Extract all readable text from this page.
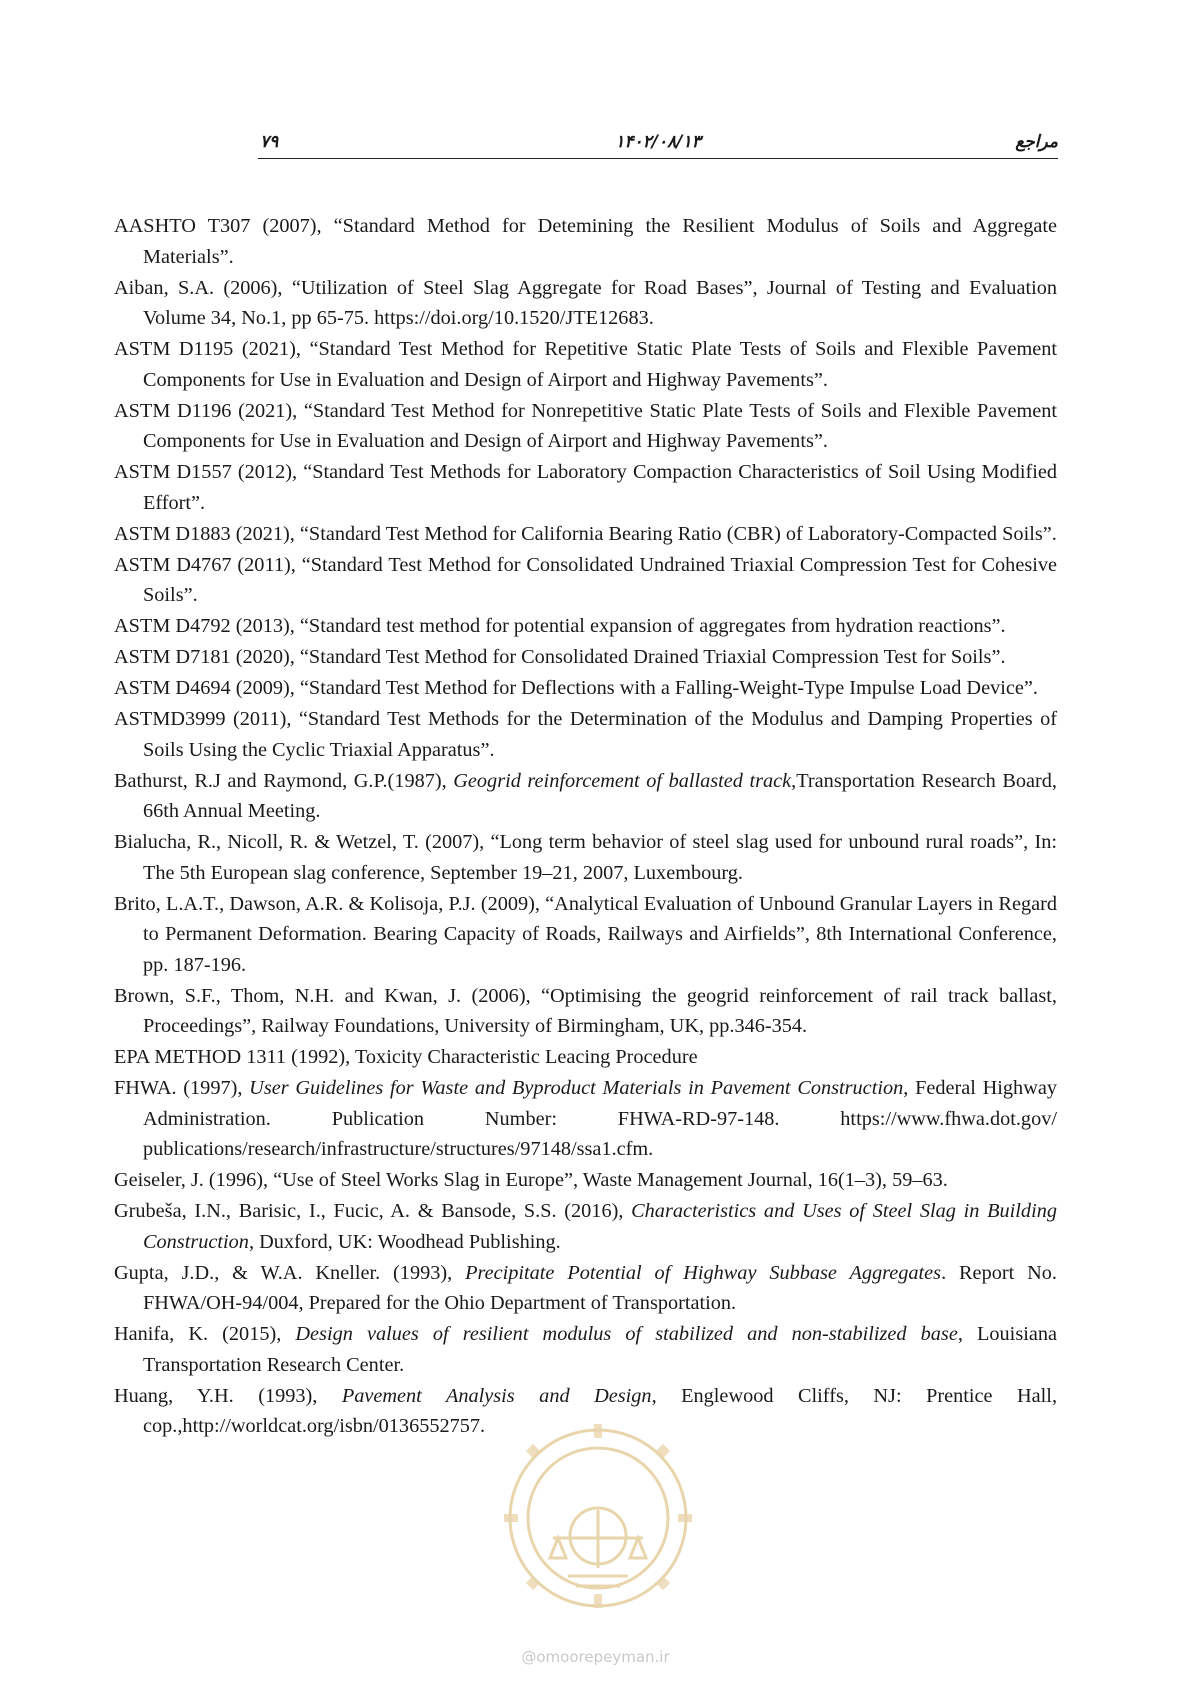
۷۹	۱۴۰۲/۰۸/۱۳	مراجع

AASHTO T307 (2007), “Standard Method for Detemining the Resilient Modulus of Soils and Aggregate Materials”.

Aiban, S.A. (2006), “Utilization of Steel Slag Aggregate for Road Bases”, Journal of Testing and Evaluation Volume 34, No.1, pp 65-75. https://doi.org/10.1520/JTE12683.

ASTM D1195 (2021), “Standard Test Method for Repetitive Static Plate Tests of Soils and Flexible Pavement Components for Use in Evaluation and Design of Airport and Highway Pavements”.

ASTM D1196 (2021), “Standard Test Method for Nonrepetitive Static Plate Tests of Soils and Flexible Pavement Components for Use in Evaluation and Design of Airport and Highway Pavements”.

ASTM D1557 (2012), “Standard Test Methods for Laboratory Compaction Characteristics of Soil Using Modified Effort”.

ASTM D1883 (2021), “Standard Test Method for California Bearing Ratio (CBR) of Laboratory-Compacted Soils”.

ASTM D4767 (2011), “Standard Test Method for Consolidated Undrained Triaxial Compression Test for Cohesive Soils”.

ASTM D4792 (2013), “Standard test method for potential expansion of aggregates from hydration reactions”.

ASTM D7181 (2020), “Standard Test Method for Consolidated Drained Triaxial Compression Test for Soils”.

ASTM D4694 (2009), “Standard Test Method for Deflections with a Falling-Weight-Type Impulse Load Device”.

ASTMD3999 (2011), “Standard Test Methods for the Determination of the Modulus and Damping Properties of Soils Using the Cyclic Triaxial Apparatus”.

Bathurst, R.J and Raymond, G.P.(1987), Geogrid reinforcement of ballasted track,Transportation Research Board, 66th Annual Meeting.

Bialucha, R., Nicoll, R. & Wetzel, T. (2007), “Long term behavior of steel slag used for unbound rural roads”, In: The 5th European slag conference, September 19–21, 2007, Luxembourg.

Brito, L.A.T., Dawson, A.R. & Kolisoja, P.J. (2009), “Analytical Evaluation of Unbound Granular Layers in Regard to Permanent Deformation. Bearing Capacity of Roads, Railways and Airfields”, 8th International Conference, pp. 187-196.

Brown, S.F., Thom, N.H. and Kwan, J. (2006), “Optimising the geogrid reinforcement of rail track ballast, Proceedings”, Railway Foundations, University of Birmingham, UK, pp.346-354.

EPA METHOD 1311 (1992), Toxicity Characteristic Leacing Procedure

FHWA. (1997), User Guidelines for Waste and Byproduct Materials in Pavement Construction, Federal Highway Administration. Publication Number: FHWA-RD-97-148. https://www.fhwa.dot.gov/ publications/research/infrastructure/structures/97148/ssa1.cfm.

Geiseler, J. (1996), “Use of Steel Works Slag in Europe”, Waste Management Journal, 16(1–3), 59–63.

Grubeša, I.N., Barisic, I., Fucic, A. & Bansode, S.S. (2016), Characteristics and Uses of Steel Slag in Building Construction, Duxford, UK: Woodhead Publishing.

Gupta, J.D., & W.A. Kneller. (1993), Precipitate Potential of Highway Subbase Aggregates. Report No. FHWA/OH-94/004, Prepared for the Ohio Department of Transportation.

Hanifa, K. (2015), Design values of resilient modulus of stabilized and non-stabilized base, Louisiana Transportation Research Center.

Huang, Y.H. (1993), Pavement Analysis and Design, Englewood Cliffs, NJ: Prentice Hall, cop.,http://worldcat.org/isbn/0136552757.

@omoorepeyman.ir
